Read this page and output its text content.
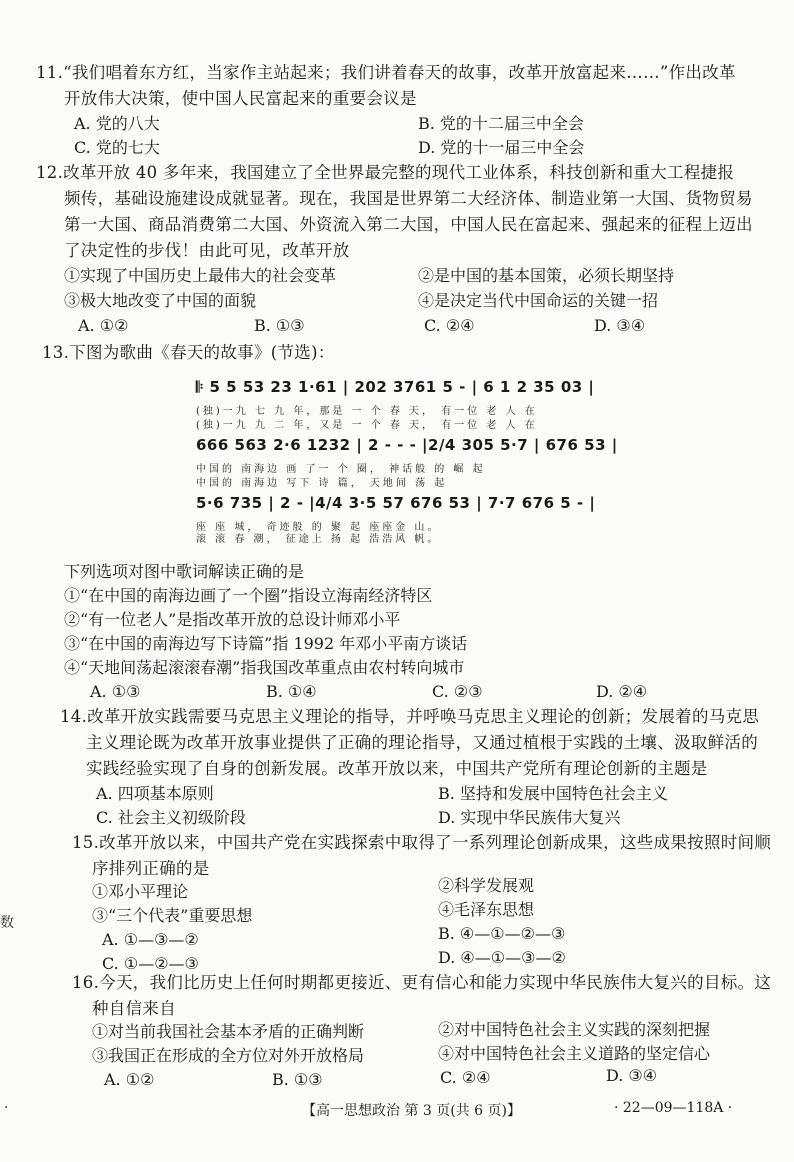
11.“我们唱着东方红，当家作主站起来；我们讲着春天的故事，改革开放富起来……”作出改革
开放伟大决策，使中国人民富起来的重要会议是
A. 党的八大	B. 党的十二届三中全会
C. 党的七大	D. 党的十一届三中全会
12.改革开放 40 多年来，我国建立了全世界最完整的现代工业体系，科技创新和重大工程捷报
频传，基础设施建设成就显著。现在，我国是世界第二大经济体、制造业第一大国、货物贸易
第一大国、商品消费第二大国、外资流入第二大国，中国人民在富起来、强起来的征程上迈出
了决定性的步伐！由此可见，改革开放
①实现了中国历史上最伟大的社会变革	②是中国的基本国策，必须长期坚持
③极大地改变了中国的面貌	④是决定当代中国命运的关键一招
A. ①②	B. ①③	C. ②④	D. ③④
13.下图为歌曲《春天的故事》(节选)：
𝄆 5 5 53 23 1·61 | 202 3761 5 - | 6 1 2 35 03 |
(独)一九 七 九 年，那是 一 个 春 天， 有一位 老 人 在
(独)一九 九 二 年，又是 一 个 春 天， 有一位 老 人 在
666 563 2·6 1232 | 2 - - - |2/4 305 5·7 | 676 53 |
中国的 南海边 画 了一 个 圈， 神话般 的 崛 起
中国的 南海边 写下 诗 篇， 天地间 荡 起
5·6 735 | 2 - |4/4 3·5 57 676 53 | 7·7 676 5 - |
座 座 城， 奇迹般 的 聚 起 座座金 山。
滚 滚 春 潮， 征途上 扬 起 浩浩风 帆。
下列选项对图中歌词解读正确的是
①“在中国的南海边画了一个圈”指设立海南经济特区
②“有一位老人”是指改革开放的总设计师邓小平
③“在中国的南海边写下诗篇”指 1992 年邓小平南方谈话
④“天地间荡起滚滚春潮”指我国改革重点由农村转向城市
A. ①③	B. ①④	C. ②③	D. ②④
14.改革开放实践需要马克思主义理论的指导，并呼唤马克思主义理论的创新；发展着的马克思
主义理论既为改革开放事业提供了正确的理论指导，又通过植根于实践的土壤、汲取鲜活的
实践经验实现了自身的创新发展。改革开放以来，中国共产党所有理论创新的主题是
A. 四项基本原则	B. 坚持和发展中国特色社会主义
C. 社会主义初级阶段	D. 实现中华民族伟大复兴
15.改革开放以来，中国共产党在实践探索中取得了一系列理论创新成果，这些成果按照时间顺
序排列正确的是
①邓小平理论	②科学发展观
③“三个代表”重要思想	④毛泽东思想
A. ①—③—②	B. ④—①—②—③
C. ①—②—③	D. ④—①—③—②
16.今天，我们比历史上任何时期都更接近、更有信心和能力实现中华民族伟大复兴的目标。这
种自信来自
①对当前我国社会基本矛盾的正确判断	②对中国特色社会主义实践的深刻把握
③我国正在形成的全方位对外开放格局	④对中国特色社会主义道路的坚定信心
A. ①②	B. ①③	C. ②④	D. ③④
数
·	【高一思想政治 第 3 页(共 6 页)】	· 22—09—118A ·
